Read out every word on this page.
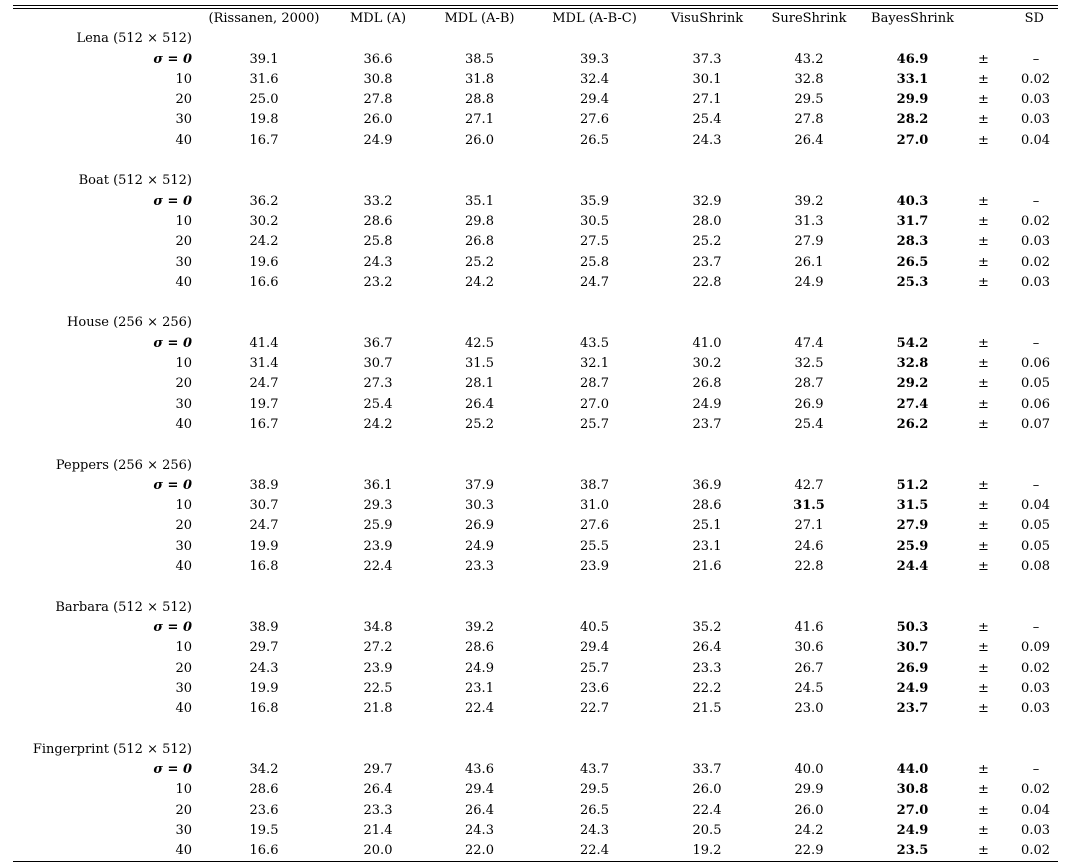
	(Rissanen, 2000)	MDL (A)	MDL (A-B)	MDL (A-B-C)	VisuShrink	SureShrink	BayesShrink		SD
Lena (512 × 512)									
σ = 0	39.1	36.6	38.5	39.3	37.3	43.2	46.9	±	–
10	31.6	30.8	31.8	32.4	30.1	32.8	33.1	±	0.02
20	25.0	27.8	28.8	29.4	27.1	29.5	29.9	±	0.03
30	19.8	26.0	27.1	27.6	25.4	27.8	28.2	±	0.03
40	16.7	24.9	26.0	26.5	24.3	26.4	27.0	±	0.04

Boat (512 × 512)									
σ = 0	36.2	33.2	35.1	35.9	32.9	39.2	40.3	±	–
10	30.2	28.6	29.8	30.5	28.0	31.3	31.7	±	0.02
20	24.2	25.8	26.8	27.5	25.2	27.9	28.3	±	0.03
30	19.6	24.3	25.2	25.8	23.7	26.1	26.5	±	0.02
40	16.6	23.2	24.2	24.7	22.8	24.9	25.3	±	0.03

House (256 × 256)									
σ = 0	41.4	36.7	42.5	43.5	41.0	47.4	54.2	±	–
10	31.4	30.7	31.5	32.1	30.2	32.5	32.8	±	0.06
20	24.7	27.3	28.1	28.7	26.8	28.7	29.2	±	0.05
30	19.7	25.4	26.4	27.0	24.9	26.9	27.4	±	0.06
40	16.7	24.2	25.2	25.7	23.7	25.4	26.2	±	0.07

Peppers (256 × 256)									
σ = 0	38.9	36.1	37.9	38.7	36.9	42.7	51.2	±	–
10	30.7	29.3	30.3	31.0	28.6	31.5	31.5	±	0.04
20	24.7	25.9	26.9	27.6	25.1	27.1	27.9	±	0.05
30	19.9	23.9	24.9	25.5	23.1	24.6	25.9	±	0.05
40	16.8	22.4	23.3	23.9	21.6	22.8	24.4	±	0.08

Barbara (512 × 512)									
σ = 0	38.9	34.8	39.2	40.5	35.2	41.6	50.3	±	–
10	29.7	27.2	28.6	29.4	26.4	30.6	30.7	±	0.09
20	24.3	23.9	24.9	25.7	23.3	26.7	26.9	±	0.02
30	19.9	22.5	23.1	23.6	22.2	24.5	24.9	±	0.03
40	16.8	21.8	22.4	22.7	21.5	23.0	23.7	±	0.03

Fingerprint (512 × 512)									
σ = 0	34.2	29.7	43.6	43.7	33.7	40.0	44.0	±	–
10	28.6	26.4	29.4	29.5	26.0	29.9	30.8	±	0.02
20	23.6	23.3	26.4	26.5	22.4	26.0	27.0	±	0.04
30	19.5	21.4	24.3	24.3	20.5	24.2	24.9	±	0.03
40	16.6	20.0	22.0	22.4	19.2	22.9	23.5	±	0.02
